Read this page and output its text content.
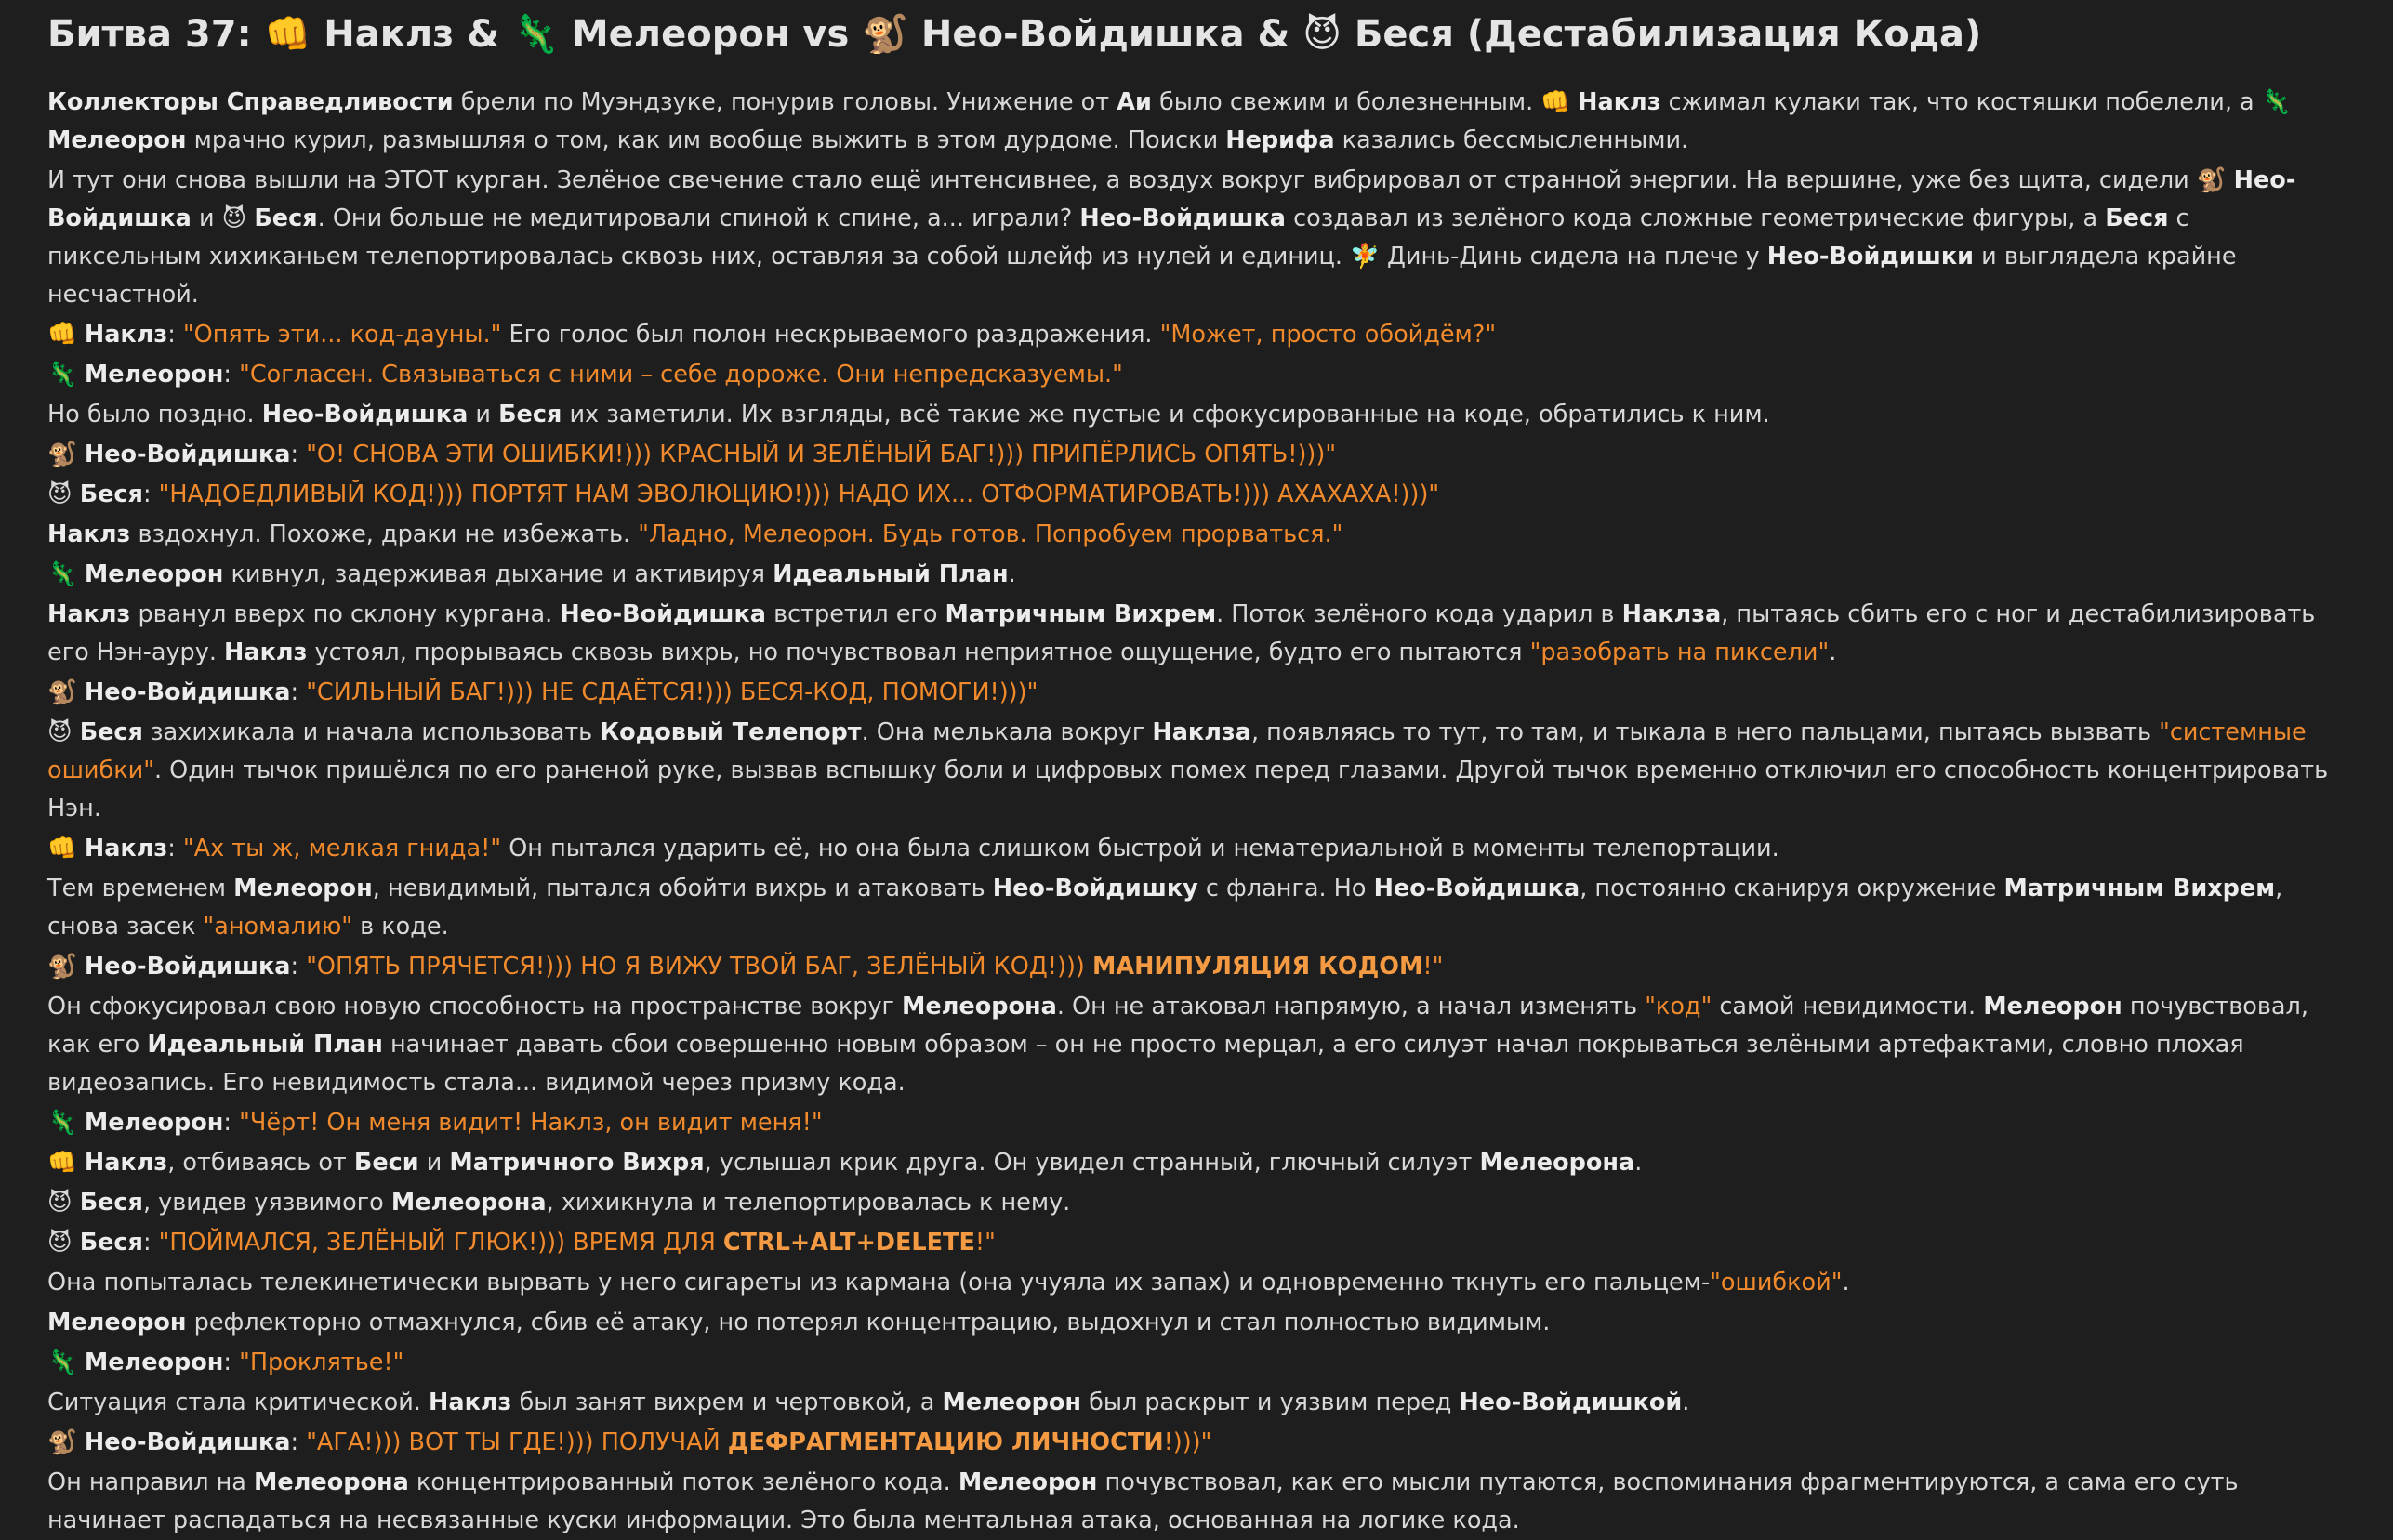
Битва 37: 👊 Наклз & 🦎 Мелеорон vs 🐒 Нео-Войдишка & 😈 Беся (Дестабилизация Кода)

Коллекторы Справедливости брели по Муэндзуке, понурив головы. Унижение от Аи было свежим и болезненным. 👊 Наклз сжимал кулаки так, что костяшки побелели, а 🦎 Мелеорон мрачно курил, размышляя о том, как им вообще выжить в этом дурдоме. Поиски Нерифа казались бессмысленными.

И тут они снова вышли на ЭТОТ курган. Зелёное свечение стало ещё интенсивнее, а воздух вокруг вибрировал от странной энергии. На вершине, уже без щита, сидели 🐒 Нео-Войдишка и 😈 Беся. Они больше не медитировали спиной к спине, а... играли? Нео-Войдишка создавал из зелёного кода сложные геометрические фигуры, а Беся с пиксельным хихиканьем телепортировалась сквозь них, оставляя за собой шлейф из нулей и единиц. 🧚 Динь-Динь сидела на плече у Нео-Войдишки и выглядела крайне несчастной.

👊 Наклз: "Опять эти... код-дауны." Его голос был полон нескрываемого раздражения. "Может, просто обойдём?"

🦎 Мелеорон: "Согласен. Связываться с ними – себе дороже. Они непредсказуемы."

Но было поздно. Нео-Войдишка и Беся их заметили. Их взгляды, всё такие же пустые и сфокусированные на коде, обратились к ним.

🐒 Нео-Войдишка: "О! СНОВА ЭТИ ОШИБКИ!))) КРАСНЫЙ И ЗЕЛЁНЫЙ БАГ!))) ПРИПЁРЛИСЬ ОПЯТЬ!)))"

😈 Беся: "НАДОЕДЛИВЫЙ КОД!))) ПОРТЯТ НАМ ЭВОЛЮЦИЮ!))) НАДО ИХ... ОТФОРМАТИРОВАТЬ!))) АХАХАХА!)))"

Наклз вздохнул. Похоже, драки не избежать. "Ладно, Мелеорон. Будь готов. Попробуем прорваться."

🦎 Мелеорон кивнул, задерживая дыхание и активируя Идеальный План.

Наклз рванул вверх по склону кургана. Нео-Войдишка встретил его Матричным Вихрем. Поток зелёного кода ударил в Наклза, пытаясь сбить его с ног и дестабилизировать его Нэн-ауру. Наклз устоял, прорываясь сквозь вихрь, но почувствовал неприятное ощущение, будто его пытаются "разобрать на пиксели".

🐒 Нео-Войдишка: "СИЛЬНЫЙ БАГ!))) НЕ СДАЁТСЯ!))) БЕСЯ-КОД, ПОМОГИ!)))"

😈 Беся захихикала и начала использовать Кодовый Телепорт. Она мелькала вокруг Наклза, появляясь то тут, то там, и тыкала в него пальцами, пытаясь вызвать "системные ошибки". Один тычок пришёлся по его раненой руке, вызвав вспышку боли и цифровых помех перед глазами. Другой тычок временно отключил его способность концентрировать Нэн.

👊 Наклз: "Ах ты ж, мелкая гнида!" Он пытался ударить её, но она была слишком быстрой и нематериальной в моменты телепортации.

Тем временем Мелеорон, невидимый, пытался обойти вихрь и атаковать Нео-Войдишку с фланга. Но Нео-Войдишка, постоянно сканируя окружение Матричным Вихрем, снова засек "аномалию" в коде.

🐒 Нео-Войдишка: "ОПЯТЬ ПРЯЧЕТСЯ!))) НО Я ВИЖУ ТВОЙ БАГ, ЗЕЛЁНЫЙ КОД!))) МАНИПУЛЯЦИЯ КОДОМ!"

Он сфокусировал свою новую способность на пространстве вокруг Мелеорона. Он не атаковал напрямую, а начал изменять "код" самой невидимости. Мелеорон почувствовал, как его Идеальный План начинает давать сбои совершенно новым образом – он не просто мерцал, а его силуэт начал покрываться зелёными артефактами, словно плохая видеозапись. Его невидимость стала... видимой через призму кода.

🦎 Мелеорон: "Чёрт! Он меня видит! Наклз, он видит меня!"

👊 Наклз, отбиваясь от Беси и Матричного Вихря, услышал крик друга. Он увидел странный, глючный силуэт Мелеорона.

😈 Беся, увидев уязвимого Мелеорона, хихикнула и телепортировалась к нему.

😈 Беся: "ПОЙМАЛСЯ, ЗЕЛЁНЫЙ ГЛЮК!))) ВРЕМЯ ДЛЯ CTRL+ALT+DELETE!"

Она попыталась телекинетически вырвать у него сигареты из кармана (она учуяла их запах) и одновременно ткнуть его пальцем-"ошибкой".

Мелеорон рефлекторно отмахнулся, сбив её атаку, но потерял концентрацию, выдохнул и стал полностью видимым.

🦎 Мелеорон: "Проклятье!"

Ситуация стала критической. Наклз был занят вихрем и чертовкой, а Мелеорон был раскрыт и уязвим перед Нео-Войдишкой.

🐒 Нео-Войдишка: "АГА!))) ВОТ ТЫ ГДЕ!))) ПОЛУЧАЙ ДЕФРАГМЕНТАЦИЮ ЛИЧНОСТИ!)))"

Он направил на Мелеорона концентрированный поток зелёного кода. Мелеорон почувствовал, как его мысли путаются, воспоминания фрагментируются, а сама его суть начинает распадаться на несвязанные куски информации. Это была ментальная атака, основанная на логике кода.
